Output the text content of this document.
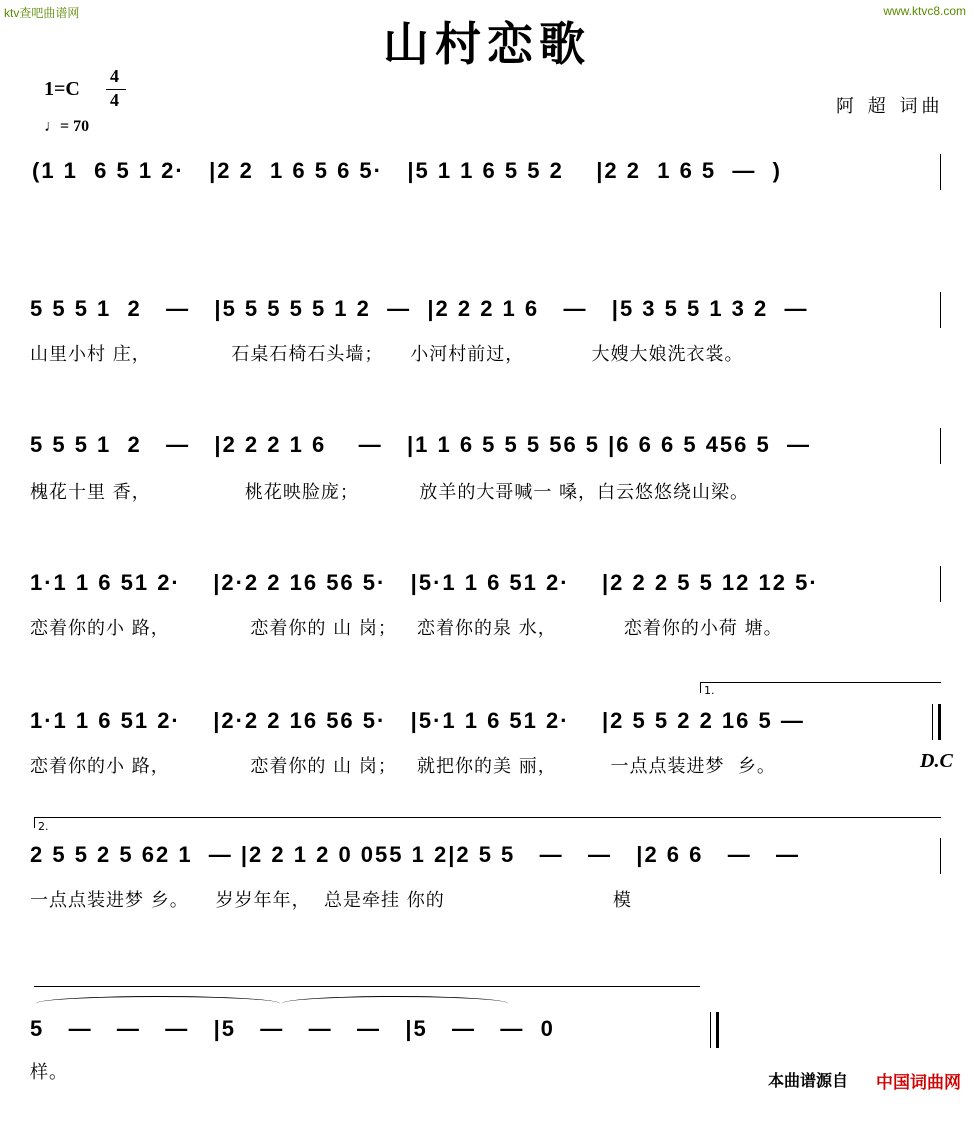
ktv查吧曲谱网	www.ktvc8.com
山村恋歌
1=C
4
4
♩= 70
阿 超 词曲
(1 1  6 5 1 2·   |2 2  1 6 5 6 5·   |5 1 1 6 5 5 2    |2 2  1 6 5  —  )
5 5 5 1  2   —   |5 5 5 5 5 1 2  —  |2 2 2 1 6   —   |5 3 5 5 1 3 2  —
山里小村 庄，            石桌石椅石头墙；    小河村前过，          大嫂大娘洗衣裳。
5 5 5 1  2   —   |2 2 2 1 6    —   |1 1 6 5 5 5 56 5 |6 6 6 5 456 5  —
槐花十里 香，              桃花映脸庞；         放羊的大哥喊一 嗓，白云悠悠绕山梁。
1·1 1 6 51 2·    |2·2 2 16 56 5·   |5·1 1 6 51 2·    |2 2 2 5 5 12 12 5·
恋着你的小 路，            恋着你的 山 岗；   恋着你的泉 水，          恋着你的小荷 塘。
1.
1·1 1 6 51 2·    |2·2 2 16 56 5·   |5·1 1 6 51 2·    |2 5 5 2 2 16 5 —
恋着你的小 路，            恋着你的 山 岗；   就把你的美 丽，        一点点装进梦  乡。	D.C
2.
2 5 5 2 5 62 1  — |2 2 1 2 0 055 1 2|2 5 5   —   —   |2 6 6   —   —
一点点装进梦 乡。    岁岁年年，  总是牵挂 你的                         模
5   —   —   —   |5   —   —   —   |5   —   —  0
样。	本曲谱源自 中国词曲网
